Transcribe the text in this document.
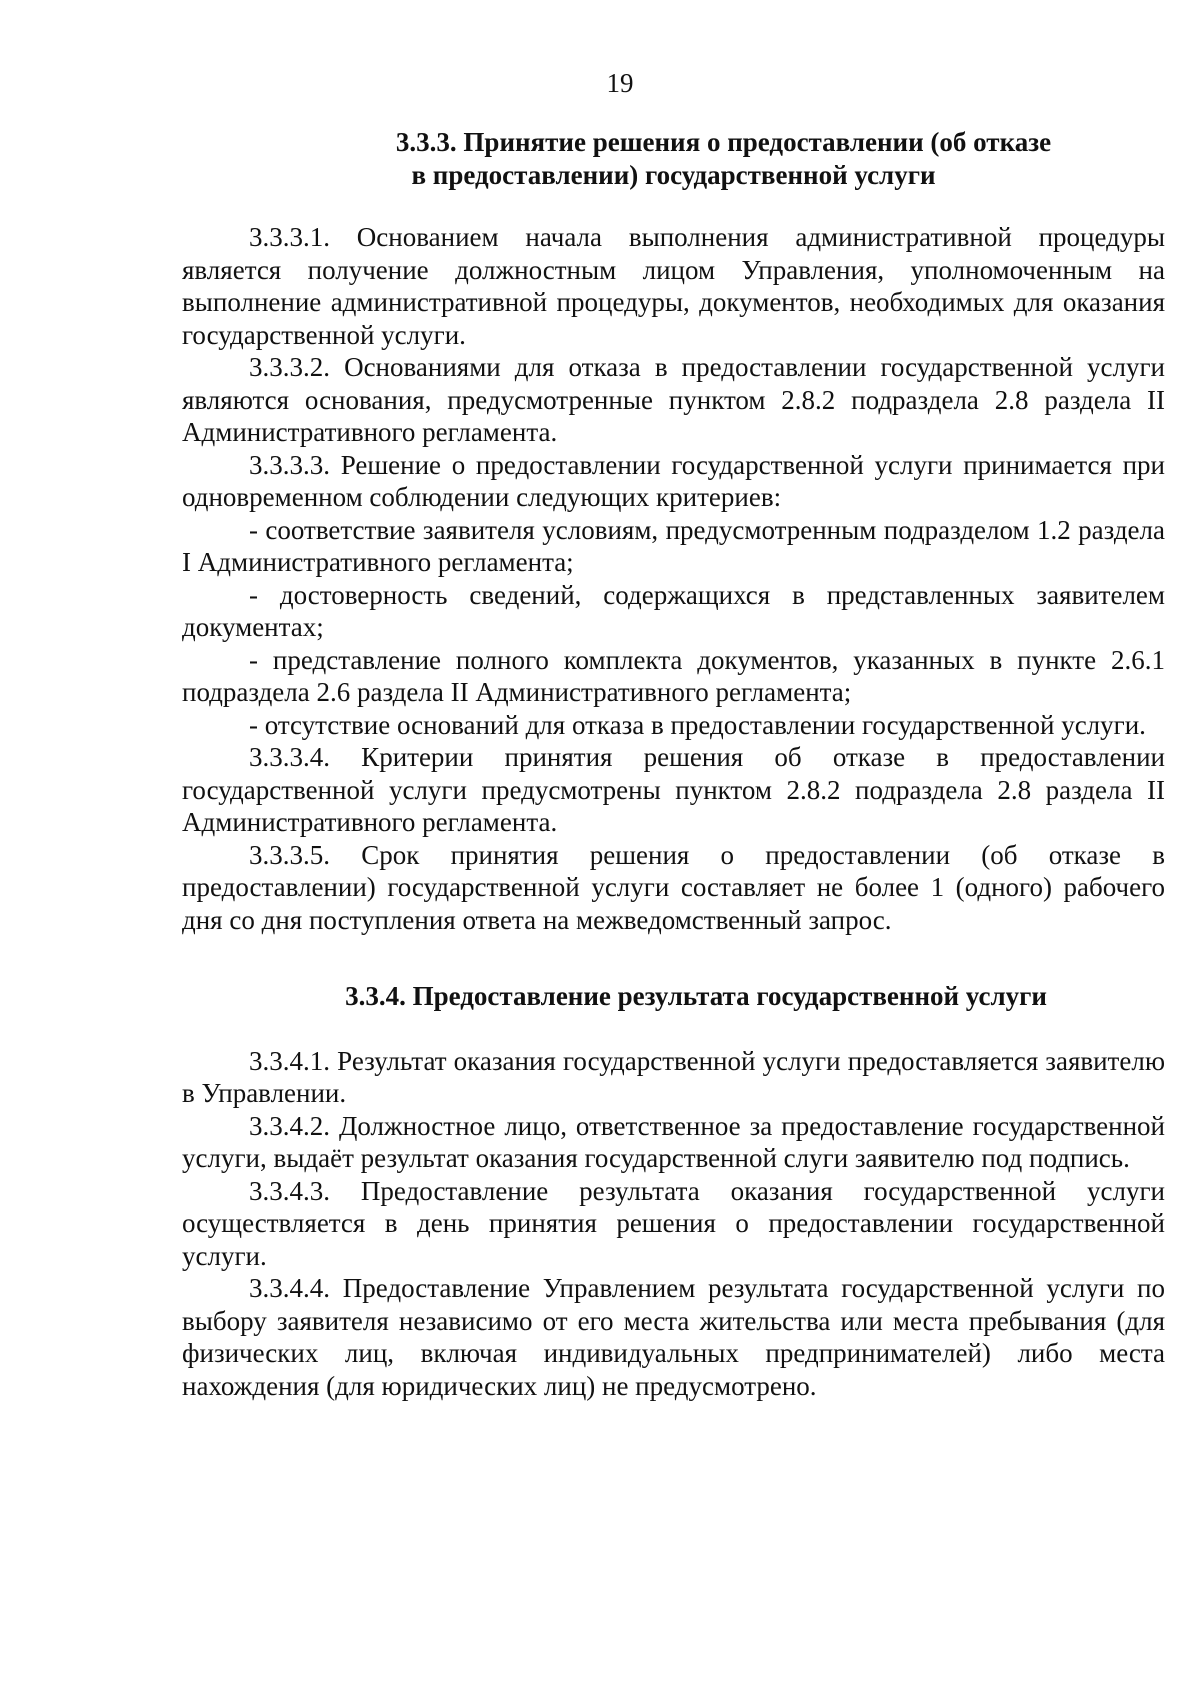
19
3.3.3. Принятие решения о предоставлении (об отказе
в предоставлении) государственной услуги

3.3.3.1. Основанием начала выполнения административной процедуры является получение должностным лицом Управления, уполномоченным на выполнение административной процедуры, документов, необходимых для оказания государственной услуги.

3.3.3.2. Основаниями для отказа в предоставлении государственной услуги являются основания, предусмотренные пунктом 2.8.2 подраздела 2.8 раздела II Административного регламента.

3.3.3.3. Решение о предоставлении государственной услуги принимается при одновременном соблюдении следующих критериев:

- соответствие заявителя условиям, предусмотренным подразделом 1.2 раздела I Административного регламента;

- достоверность сведений, содержащихся в представленных заявителем документах;

- представление полного комплекта документов, указанных в пункте 2.6.1 подраздела 2.6 раздела II Административного регламента;

- отсутствие оснований для отказа в предоставлении государственной услуги.

3.3.3.4. Критерии принятия решения об отказе в предоставлении государственной услуги предусмотрены пунктом 2.8.2 подраздела 2.8 раздела II Административного регламента.

3.3.3.5. Срок принятия решения о предоставлении (об отказе в предоставлении) государственной услуги составляет не более 1 (одного) рабочего дня со дня поступления ответа на межведомственный запрос.

3.3.4. Предоставление результата государственной услуги

3.3.4.1. Результат оказания государственной услуги предоставляется заявителю в Управлении.

3.3.4.2. Должностное лицо, ответственное за предоставление государственной услуги, выдаёт результат оказания государственной слуги заявителю под подпись.

3.3.4.3. Предоставление результата оказания государственной услуги осуществляется в день принятия решения о предоставлении государственной услуги.

3.3.4.4. Предоставление Управлением результата государственной услуги по выбору заявителя независимо от его места жительства или места пребывания (для физических лиц, включая индивидуальных предпринимателей) либо места нахождения (для юридических лиц) не предусмотрено.
